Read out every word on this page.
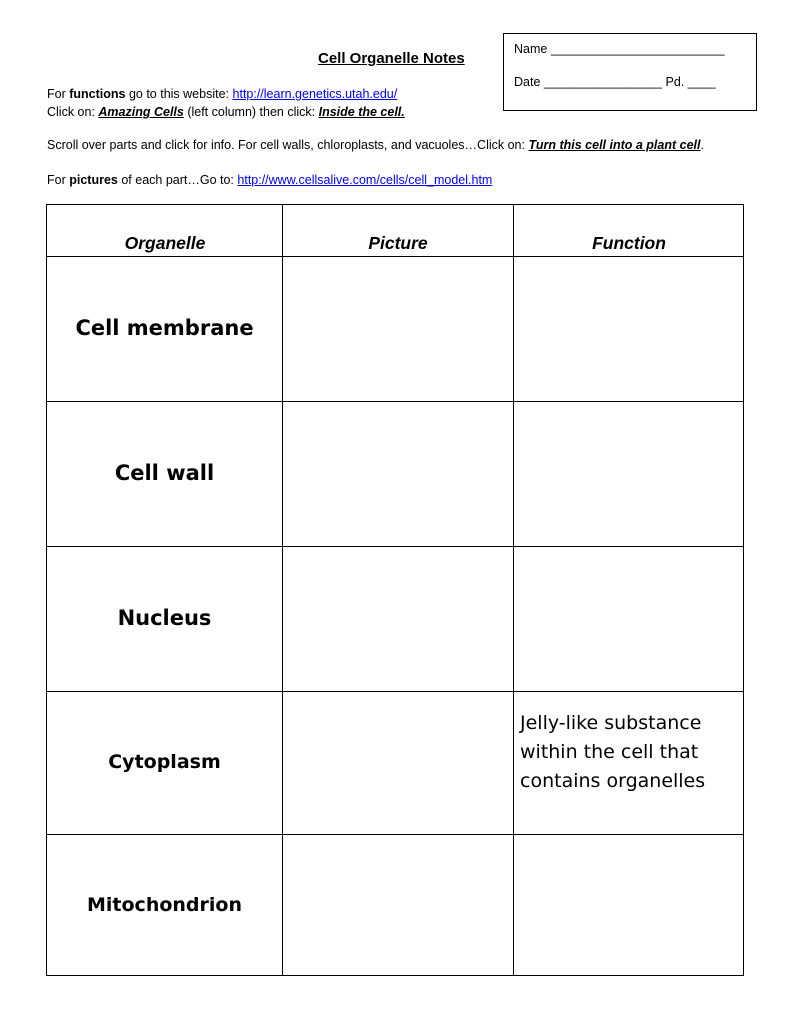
Name _________________________
Date _________________ Pd. ____
Cell Organelle Notes
For functions go to this website: http://learn.genetics.utah.edu/
Click on: Amazing Cells (left column) then click: Inside the cell.
Scroll over parts and click for info. For cell walls, chloroplasts, and vacuoles…Click on: Turn this cell into a plant cell.
For pictures of each part…Go to: http://www.cellsalive.com/cells/cell_model.htm
Organelle	Picture	Function
Cell membrane
Cell wall
Nucleus
Cytoplasm
Mitochondrion
Jelly-like substance
within the cell that
contains organelles
